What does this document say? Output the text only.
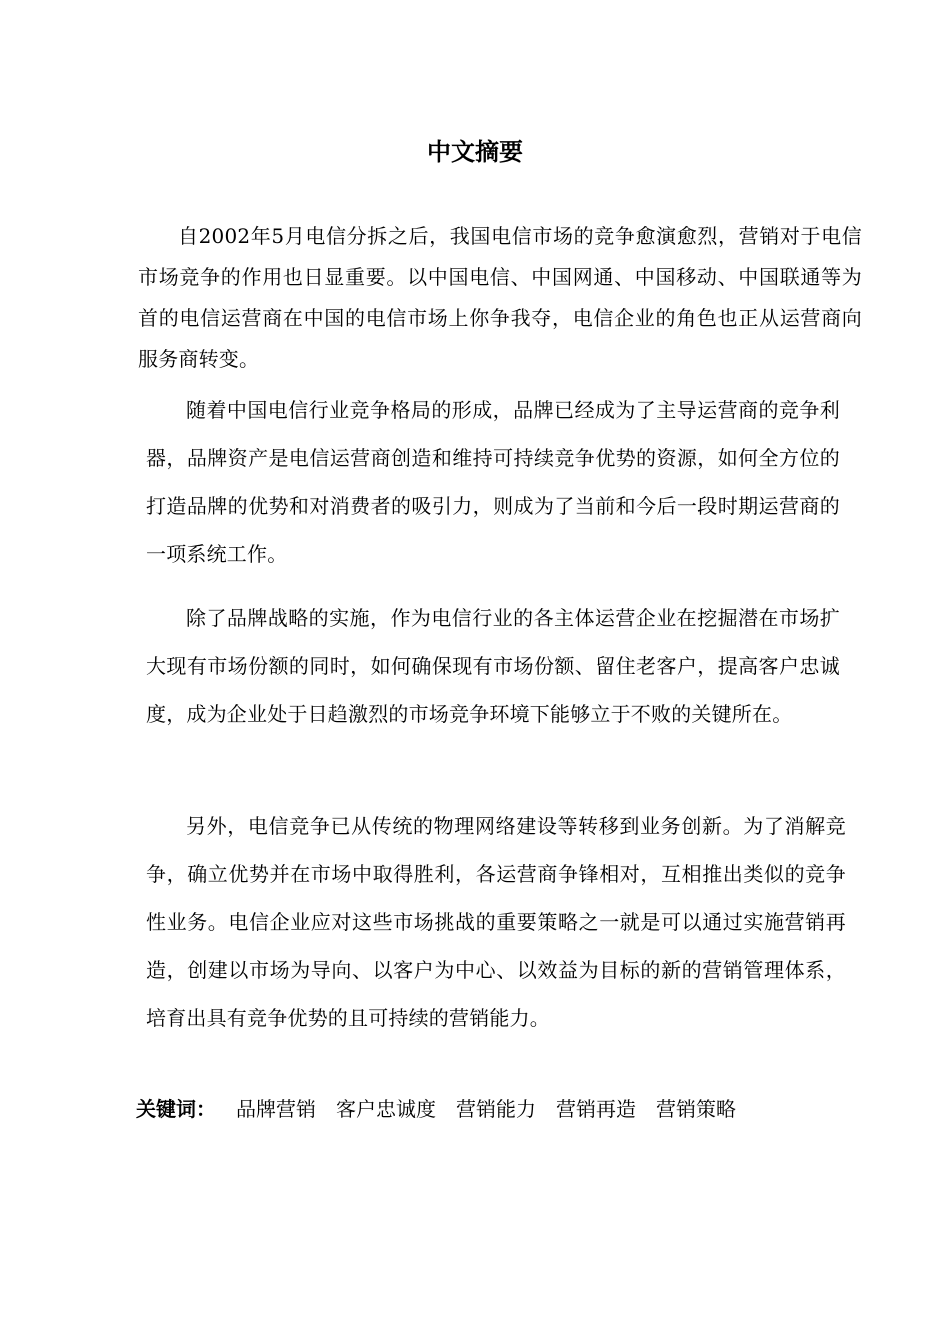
中文摘要

自2002年5月电信分拆之后，我国电信市场的竞争愈演愈烈，营销对于电信市场竞争的作用也日显重要。以中国电信、中国网通、中国移动、中国联通等为首的电信运营商在中国的电信市场上你争我夺，电信企业的角色也正从运营商向服务商转变。

随着中国电信行业竞争格局的形成，品牌已经成为了主导运营商的竞争利器，品牌资产是电信运营商创造和维持可持续竞争优势的资源，如何全方位的打造品牌的优势和对消费者的吸引力，则成为了当前和今后一段时期运营商的一项系统工作。

除了品牌战略的实施，作为电信行业的各主体运营企业在挖掘潜在市场扩大现有市场份额的同时，如何确保现有市场份额、留住老客户，提高客户忠诚度，成为企业处于日趋激烈的市场竞争环境下能够立于不败的关键所在。

另外，电信竞争已从传统的物理网络建设等转移到业务创新。为了消解竞争，确立优势并在市场中取得胜利，各运营商争锋相对，互相推出类似的竞争性业务。电信企业应对这些市场挑战的重要策略之一就是可以通过实施营销再造，创建以市场为导向、以客户为中心、以效益为目标的新的营销管理体系，培育出具有竞争优势的且可持续的营销能力。

关键词： 品牌营销 客户忠诚度 营销能力 营销再造 营销策略
